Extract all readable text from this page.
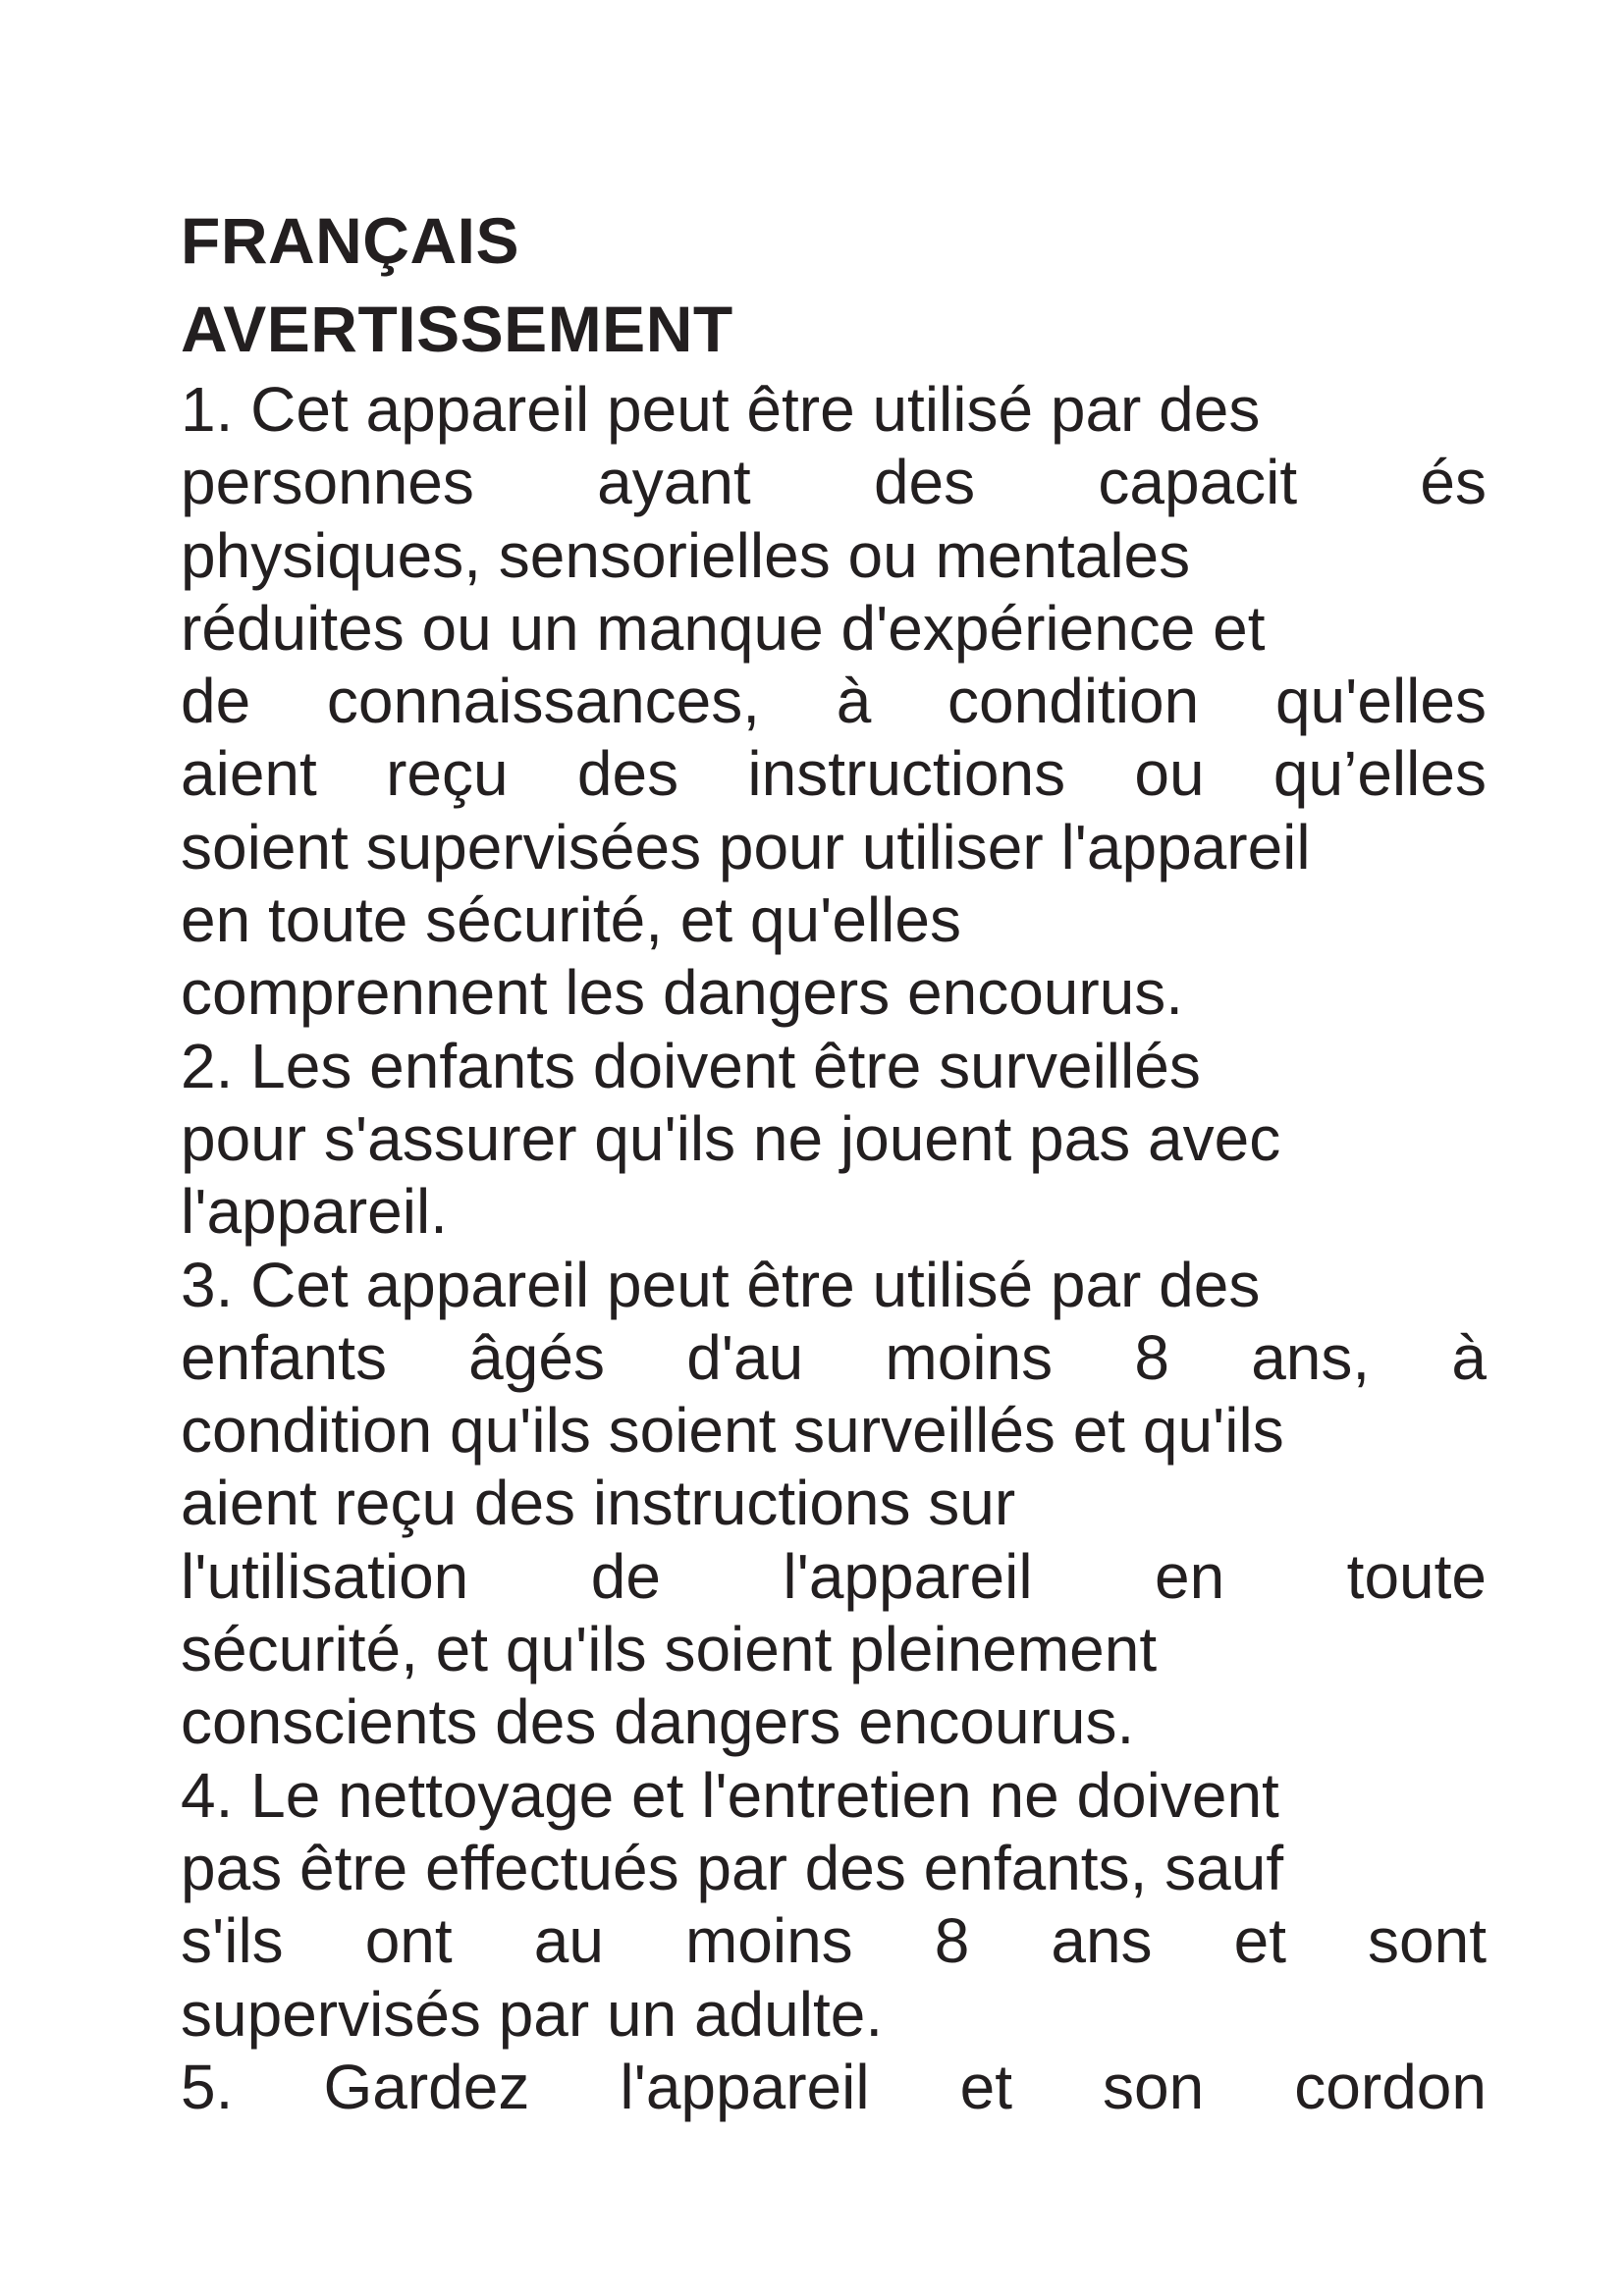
FRANÇAIS
AVERTISSEMENT
1. Cet appareil peut être utilisé par des
personnes ayant des capacit és
physiques, sensorielles ou mentales
réduites ou un manque d'expérience et
de connaissances, à condition qu'elles
aient reçu des instructions ou qu’elles
soient supervisées pour utiliser l'appareil
en toute sécurité, et qu'elles
comprennent les dangers encourus.
2. Les enfants doivent être surveillés
pour s'assurer qu'ils ne jouent pas avec
l'appareil.
3. Cet appareil peut être utilisé par des
enfants âgés d'au moins 8 ans, à
condition qu'ils soient surveillés et qu'ils
aient reçu des instructions sur
l'utilisation de l'appareil en toute
sécurité, et qu'ils soient pleinement
conscients des dangers encourus.
4. Le nettoyage et l'entretien ne doivent
pas être effectués par des enfants, sauf
s'ils ont au moins 8 ans et sont
supervisés par un adulte.
5. Gardez l'appareil et son cordon
